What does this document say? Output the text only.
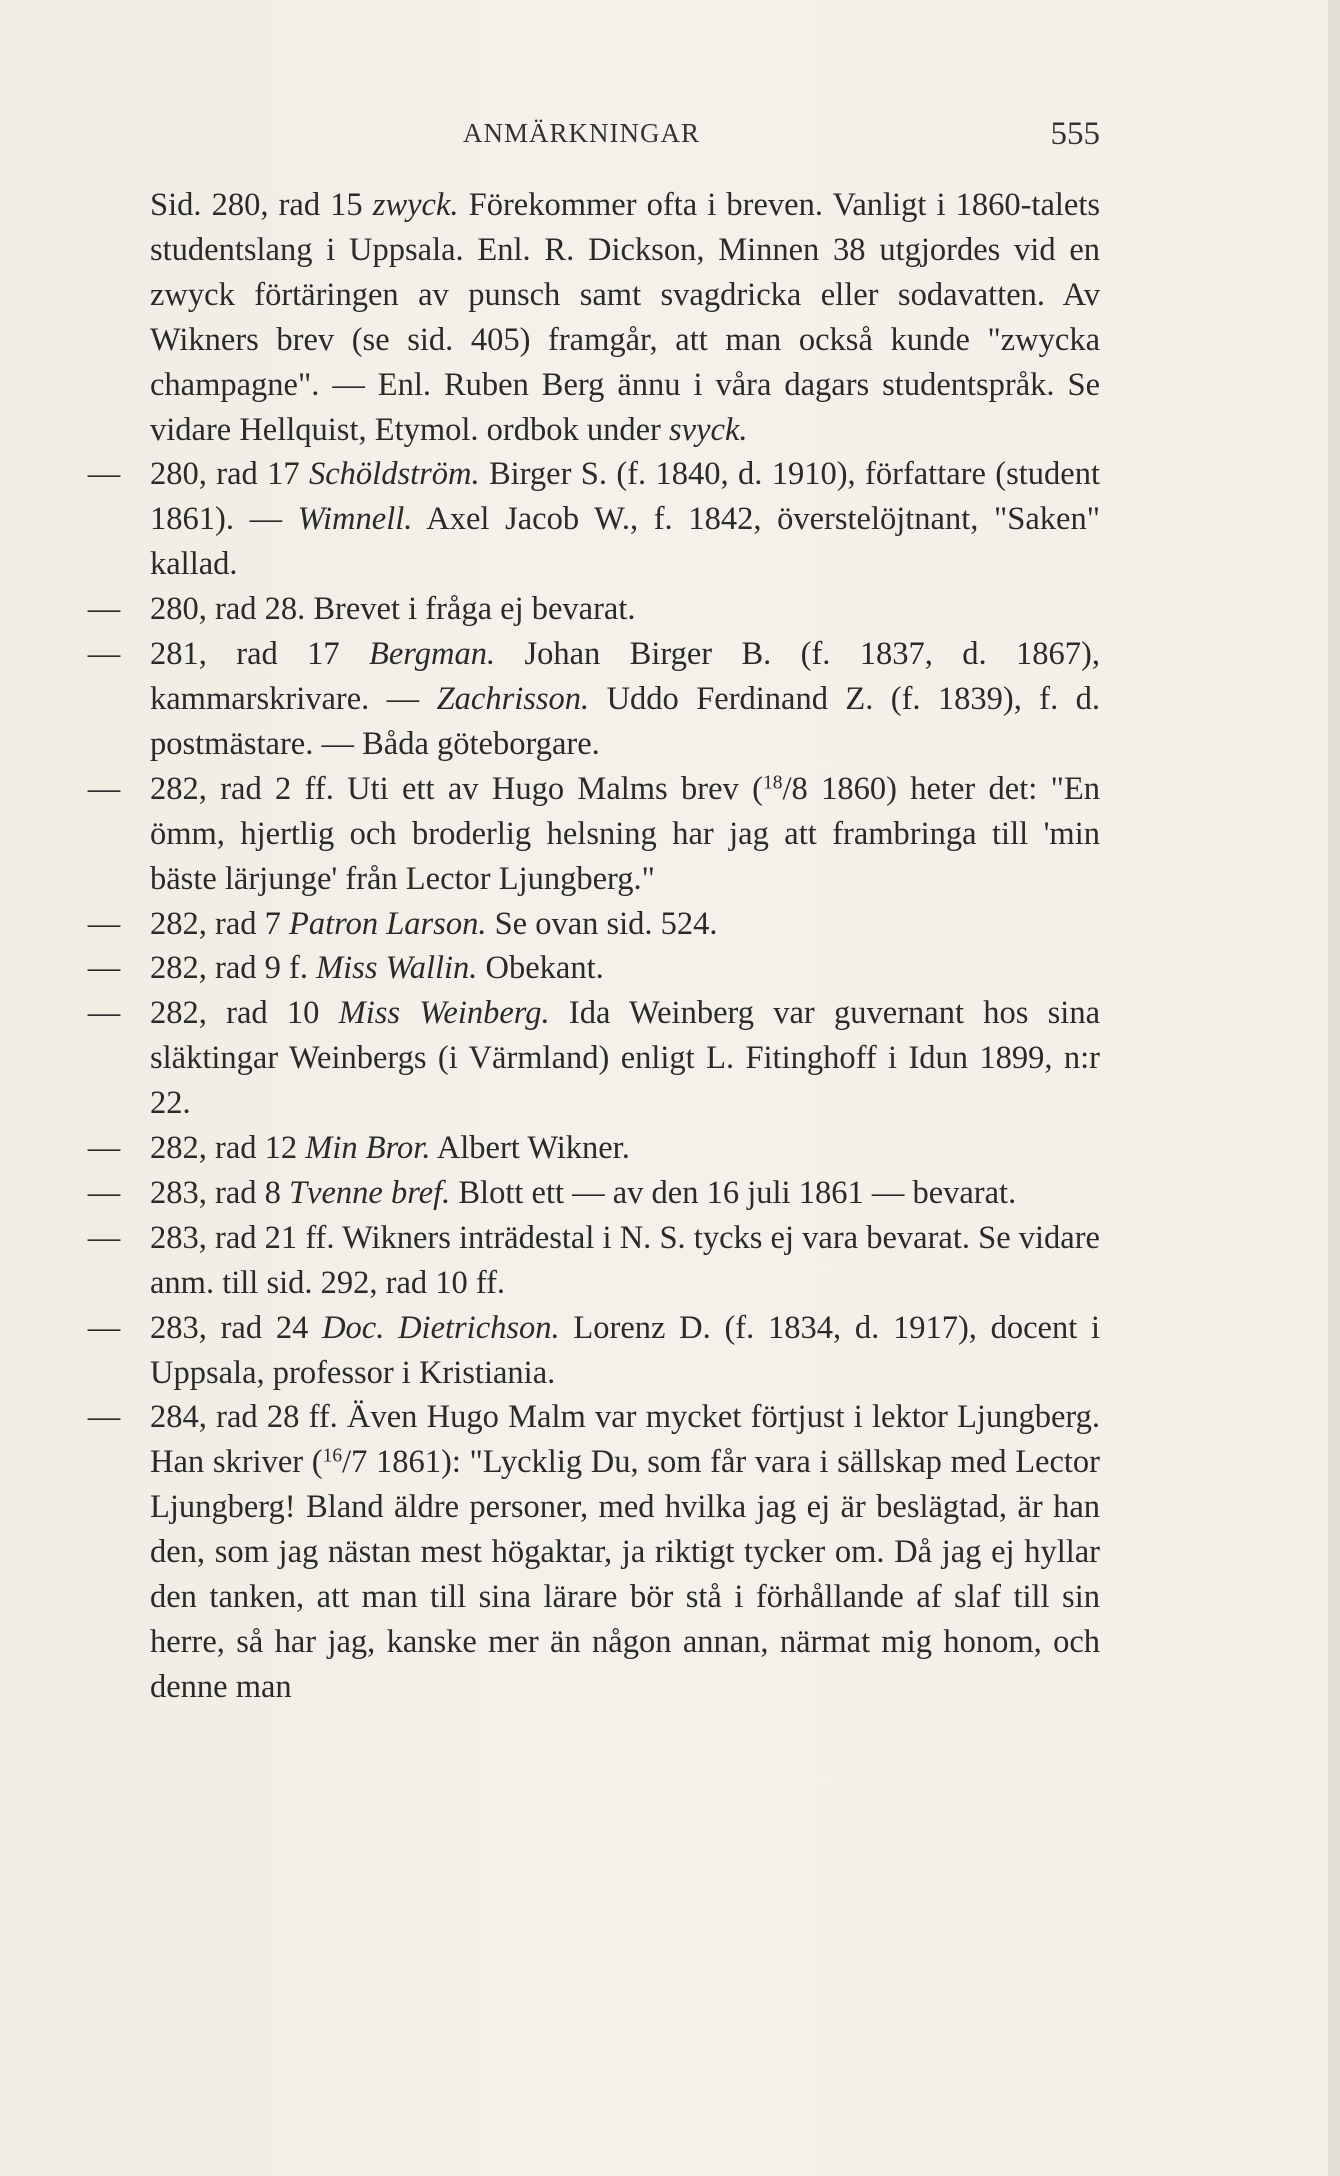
ANMÄRKNINGAR	555

Sid. 280, rad 15 zwyck. Förekommer ofta i breven. Vanligt i 1860-talets studentslang i Uppsala. Enl. R. Dickson, Minnen 38 utgjordes vid en zwyck förtäringen av punsch samt svagdricka eller sodavatten. Av Wikners brev (se sid. 405) framgår, att man också kunde "zwycka champagne". — Enl. Ruben Berg ännu i våra dagars studentspråk. Se vidare Hellquist, Etymol. ordbok under svyck.

— 280, rad 17 Schöldström. Birger S. (f. 1840, d. 1910), författare (student 1861). — Wimnell. Axel Jacob W., f. 1842, överstelöjtnant, "Saken" kallad.

— 280, rad 28. Brevet i fråga ej bevarat.

— 281, rad 17 Bergman. Johan Birger B. (f. 1837, d. 1867), kammarskrivare. — Zachrisson. Uddo Ferdinand Z. (f. 1839), f. d. postmästare. — Båda göteborgare.

— 282, rad 2 ff. Uti ett av Hugo Malms brev ($^{18}$/8 1860) heter det: "En ömm, hjertlig och broderlig helsning har jag att frambringa till 'min bäste lärjunge' från Lector Ljungberg."

— 282, rad 7 Patron Larson. Se ovan sid. 524.

— 282, rad 9 f. Miss Wallin. Obekant.

— 282, rad 10 Miss Weinberg. Ida Weinberg var guvernant hos sina släktingar Weinbergs (i Värmland) enligt L. Fitinghoff i Idun 1899, n:r 22.

— 282, rad 12 Min Bror. Albert Wikner.

— 283, rad 8 Tvenne bref. Blott ett — av den 16 juli 1861 — bevarat.

— 283, rad 21 ff. Wikners inträdestal i N. S. tycks ej vara bevarat. Se vidare anm. till sid. 292, rad 10 ff.

— 283, rad 24 Doc. Dietrichson. Lorenz D. (f. 1834, d. 1917), docent i Uppsala, professor i Kristiania.

— 284, rad 28 ff. Även Hugo Malm var mycket förtjust i lektor Ljungberg. Han skriver ($^{16}$/7 1861): "Lycklig Du, som får vara i sällskap med Lector Ljungberg! Bland äldre personer, med hvilka jag ej är beslägtad, är han den, som jag nästan mest högaktar, ja riktigt tycker om. Då jag ej hyllar den tanken, att man till sina lärare bör stå i förhållande af slaf till sin herre, så har jag, kanske mer än någon annan, närmat mig honom, och denne man
